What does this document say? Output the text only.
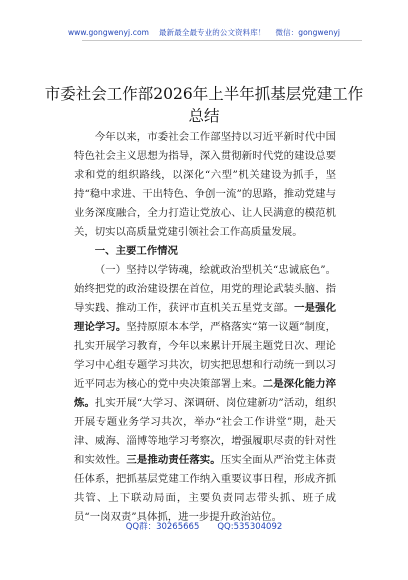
www.gongwenyj.com 最新最全最专业的公文资料库！ 微信：gongwenyj
市委社会工作部2026年上半年抓基层党建工作总结

今年以来，市委社会工作部坚持以习近平新时代中国特色社会主义思想为指导，深入贯彻新时代党的建设总要求和党的组织路线，以深化“六型”机关建设为抓手，坚持“稳中求进、干出特色、争创一流”的思路，推动党建与业务深度融合，全力打造让党放心、让人民满意的模范机关，切实以高质量党建引领社会工作高质量发展。

一、主要工作情况

（一）坚持以学铸魂，绘就政治型机关“忠诚底色”。始终把党的政治建设摆在首位，用党的理论武装头脑、指导实践、推动工作，获评市直机关五星党支部。一是强化理论学习。坚持原原本本学，严格落实“第一议题”制度，扎实开展学习教育，今年以来累计开展主题党日次、理论学习中心组专题学习共次，切实把思想和行动统一到以习近平同志为核心的党中央决策部署上来。二是深化能力淬炼。扎实开展“大学习、深调研、岗位建新功”活动，组织开展专题业务学习共次，举办“社会工作讲堂”期，赴天津、威海、淄博等地学习考察次，增强履职尽责的针对性和实效性。三是推动责任落实。压实全面从严治党主体责任体系，把抓基层党建工作纳入重要议事日程，形成齐抓共管、上下联动局面，主要负责同志带头抓、班子成员“一岗双责”具体抓，进一步提升政治站位。

QQ群：30265665 QQ:535304092
